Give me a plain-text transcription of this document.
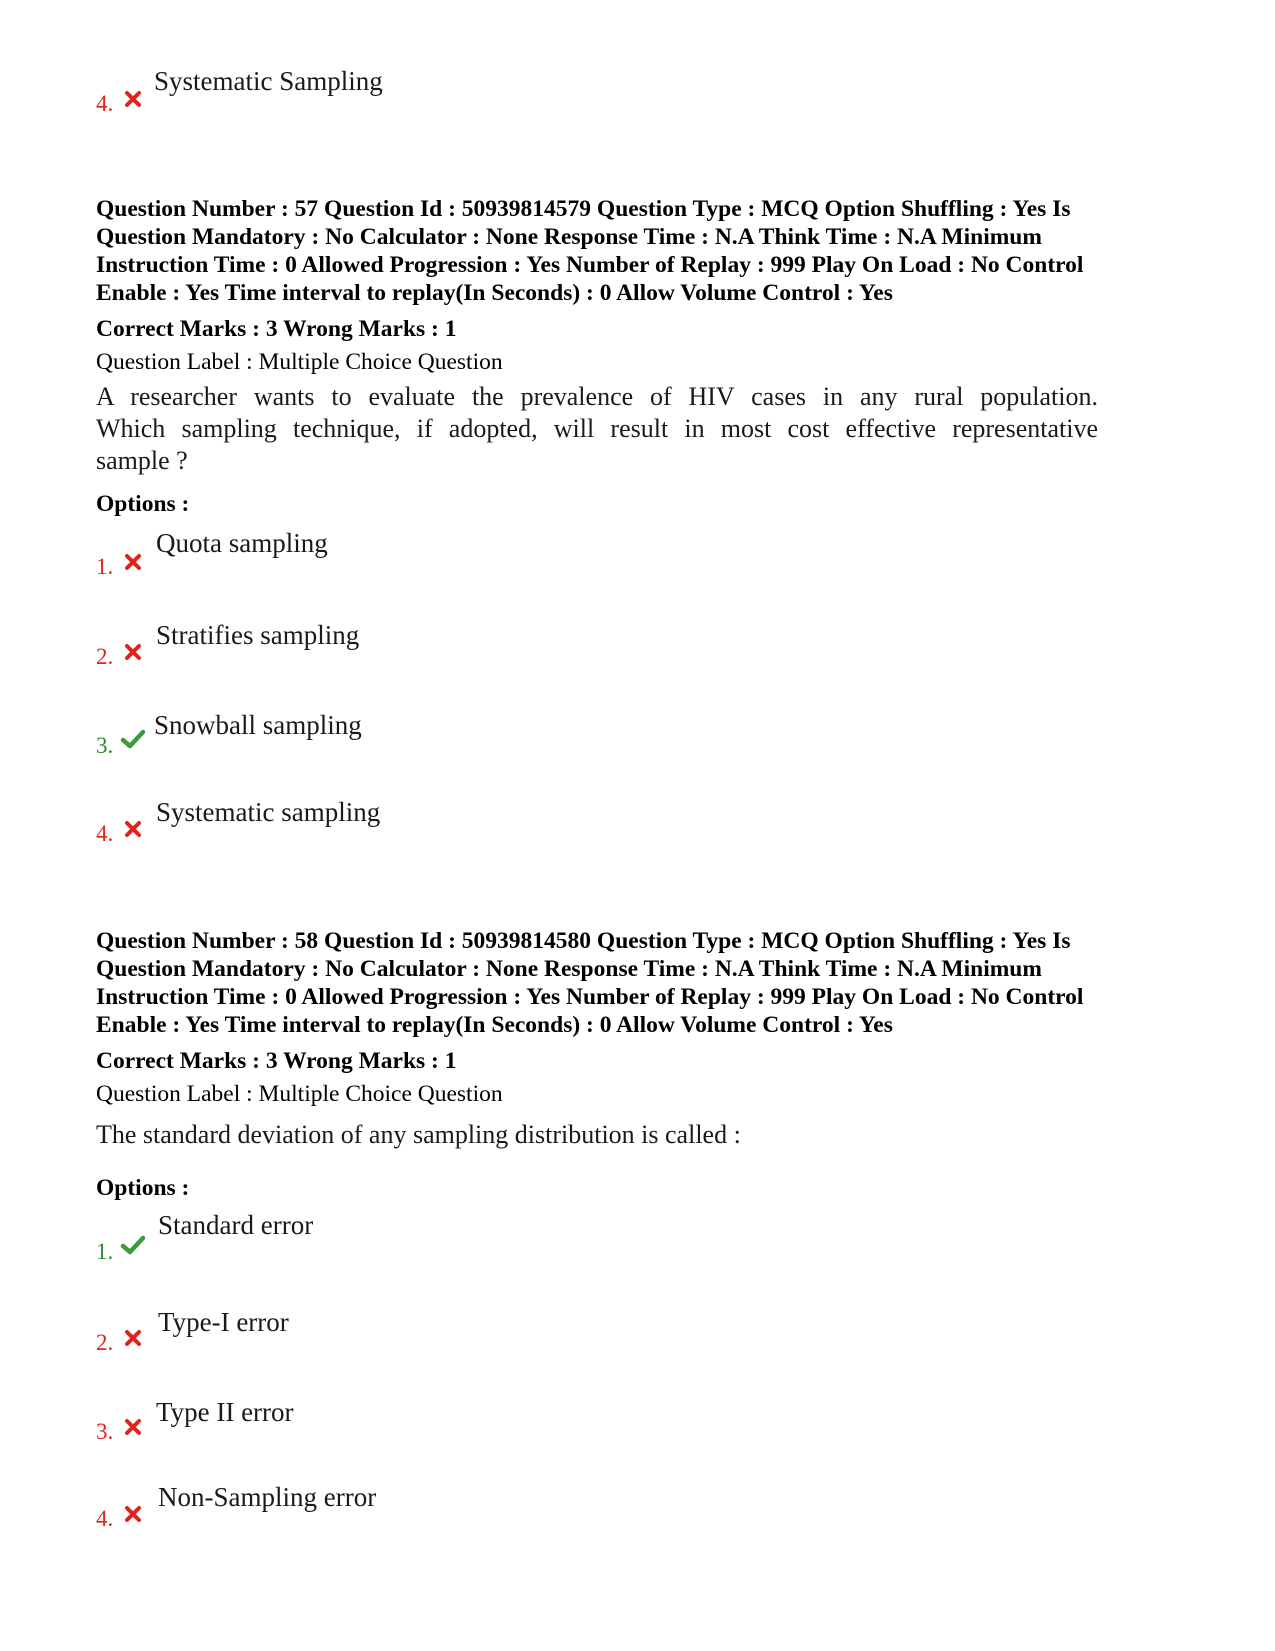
4.
Systematic Sampling
Question Number : 57 Question Id : 50939814579 Question Type : MCQ Option Shuffling : Yes Is
Question Mandatory : No Calculator : None Response Time : N.A Think Time : N.A Minimum
Instruction Time : 0 Allowed Progression : Yes Number of Replay : 999 Play On Load : No Control
Enable : Yes Time interval to replay(In Seconds) : 0 Allow Volume Control : Yes
Correct Marks : 3 Wrong Marks : 1
Question Label : Multiple Choice Question
A researcher wants to evaluate the prevalence of HIV cases in any rural population.
Which sampling technique, if adopted, will result in most cost effective representative
sample ?
Options :
1.
Quota sampling
2.
Stratifies sampling
3.
Snowball sampling
4.
Systematic sampling
Question Number : 58 Question Id : 50939814580 Question Type : MCQ Option Shuffling : Yes Is
Question Mandatory : No Calculator : None Response Time : N.A Think Time : N.A Minimum
Instruction Time : 0 Allowed Progression : Yes Number of Replay : 999 Play On Load : No Control
Enable : Yes Time interval to replay(In Seconds) : 0 Allow Volume Control : Yes
Correct Marks : 3 Wrong Marks : 1
Question Label : Multiple Choice Question
The standard deviation of any sampling distribution is called :
Options :
1.
Standard error
2.
Type-I error
3.
Type II error
4.
Non-Sampling error
